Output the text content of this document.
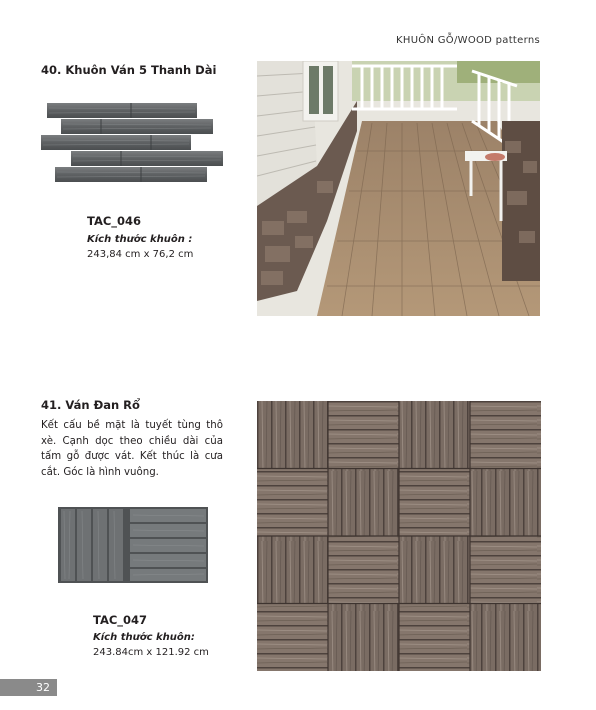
KHUÔN GỖ/WOOD patterns
40. Khuôn Ván 5 Thanh Dài
TAC_046
Kích thước khuôn :
243,84 cm x 76,2 cm
41. Ván Đan Rổ
Kết cấu bề mặt là tuyết tùng thô xè. Cạnh dọc theo chiều dài của tấm gỗ được vát. Kết thúc là cưa cắt. Góc là hình vuông.
TAC_047
Kích thước khuôn:
243.84cm x 121.92 cm
32
